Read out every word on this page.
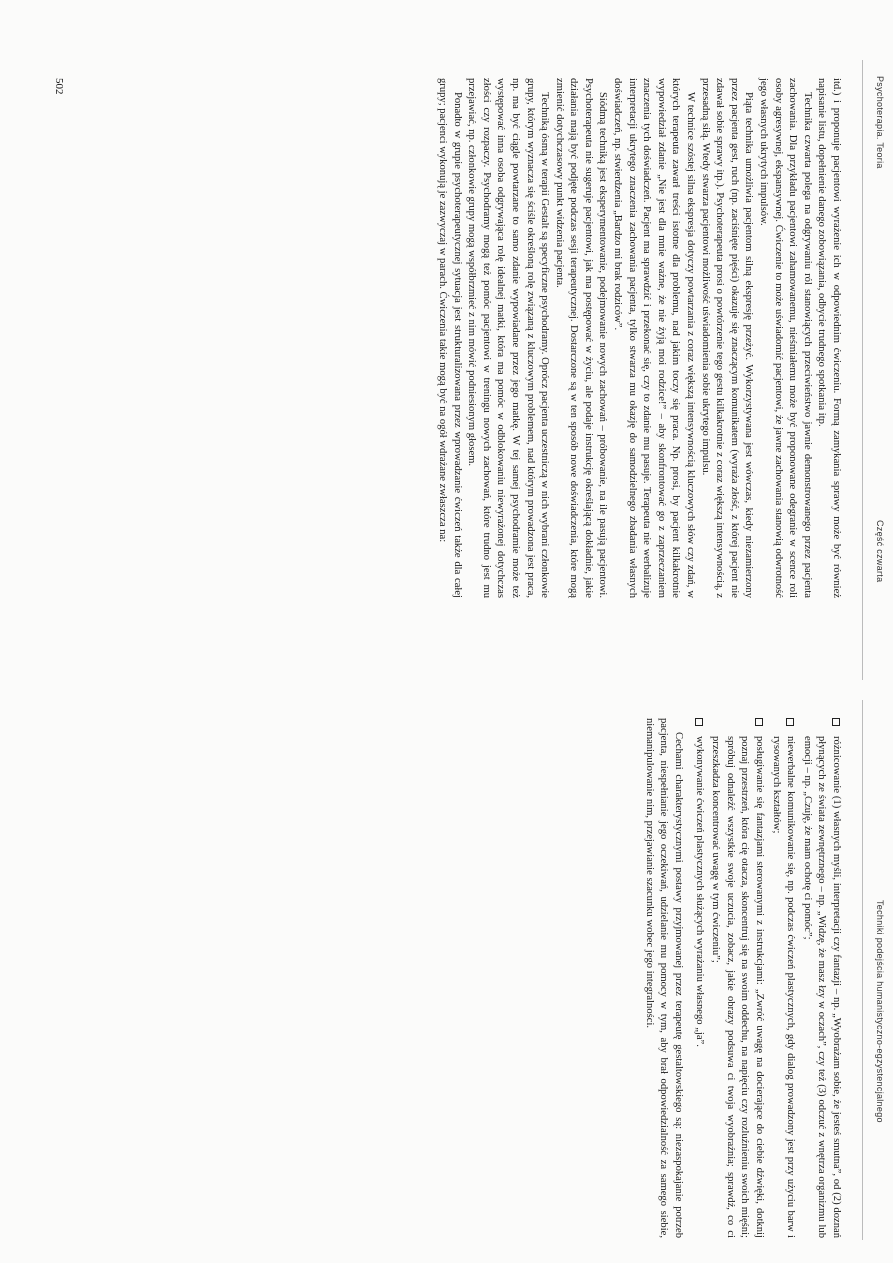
Psychoterapia. Teoria
Część czwarta
Techniki podejścia humanistyczno-egzystencjalnego

itd.) i proponuje pacjentowi wyrażenie ich w odpowiednim ćwiczeniu. Formą zamykania sprawy może być również napisanie listu, dopełnienie danego zobowiązania, odbycie trudnego spotkania itp.

Technika czwarta polega na odgrywaniu ról stanowiących przeciwieństwo jawnie demonstrowanego przez pacjenta zachowania. Dla przykładu pacjentowi zahamowanemu, nieśmiałemu może być proponowane odegranie w scence roli osoby agresywnej, ekspansywnej. Ćwiczenie to może uświadomić pacjentowi, że jawne zachowania stanowią odwrotność jego własnych ukrytych impulsów.

Piąta technika umożliwia pacjentom silną ekspresję przeżyć. Wykorzystywana jest wówczas, kiedy niezamierzony przez pacjenta gest, ruch (np. zaciśnięte pięści) okazuje się znaczącym komunikatem (wyraża złość, z której pacjent nie zdawał sobie sprawy itp.). Psychoterapeuta prosi o powtórzenie tego gestu kilkakrotnie z coraz większą intensywnością, z przesadną siłą. Wtedy stwarza pacjentowi możliwość uświadomienia sobie ukrytego impulsu.

W technice szóstej silna ekspresja dotyczy powtarzania z coraz większą intensywnością kluczowych słów czy zdań, w których terapeuta zawarł treści istotne dla problemu, nad jakim toczy się praca. Np. prosi, by pacjent kilkakrotnie wypowiedział zdanie „Nie jest dla mnie ważne, że nie żyją moi rodzice!” – aby skonfrontować go z zaprzeczaniem znaczenia tych doświadczeń. Pacjent ma sprawdzić i przekonać się, czy to zdanie mu pasuje. Terapeuta nie werbalizuje interpretacji ukrytego znaczenia zachowania pacjenta, tylko stwarza mu okazję do samodzielnego zbadania własnych doświadczeń, np. stwierdzenia „Bardzo mi brak rodziców”.

Siódmą techniką jest eksperymentowanie, podejmowanie nowych zachowań – próbowanie, na ile pasują pacjentowi. Psychoterapeuta nie sugeruje pacjentowi, jak ma postępować w życiu, ale podaje instrukcję określającą dokładnie, jakie działania mają być podjęte podczas sesji terapeutycznej. Dostarczone są w ten sposób nowe doświadczenia, które mogą zmienić dotychczasowy punkt widzenia pacjenta.

Techniką ósmą w terapii Gestalt są specyficzne psychodramy. Oprócz pacjenta uczestniczą w nich wybrani członkowie grupy, którym wyznacza się ściśle określoną rolę związaną z kluczowym problemem, nad którym prowadzona jest praca, np. ma być ciągle powtarzane to samo zdanie wypowiadane przez jego matkę. W tej samej psychodramie może też występować inna osoba odgrywająca rolę idealnej matki, która ma pomóc w odblokowaniu niewyrażonej dotychczas złości czy rozpaczy. Psychodramy mogą też pomóc pacjentowi w treningu nowych zachowań, które trudno jest mu przejawiać, np. członkowie grupy mogą współbrzmieć z nim mówić podniesionym głosem.

Ponadto w grupie psychoterapeutycznej sytuacja jest strukturalizowana przez wprowadzanie ćwiczeń także dla całej grupy; pacjenci wykonują je zazwyczaj w parach. Ćwiczenia takie mogą być na ogół wdrażane zwłaszcza na:

502

różnicowanie (1) własnych myśli, interpretacji czy fantazji – np. „Wyobrażam sobie, że jesteś smutna”, od (2) doznań płynących ze świata zewnętrznego – np. „Widzę, że masz łzy w oczach”, czy też (3) odczuć z wnętrza organizmu lub emocji – np. „Czuję, że mam ochotę ci pomóc”;

niewerbalne komunikowanie się, np. podczas ćwiczeń plastycznych, gdy dialog prowadzony jest przy użyciu barw i rysowanych kształtów;

posługiwanie się fantazjami sterowanymi z instrukcjami: „Zwróć uwagę na docierające do ciebie dźwięki, dotknij poznaj przestrzeń, która cię otacza, skoncentruj się na swoim oddechu, na napięciu czy rozluźnieniu swoich mięśni; spróbuj odnaleźć wszystkie swoje uczucia, zobacz, jakie obrazy podsuwa ci twoja wyobraźnia; sprawdź, co ci przeszkadza koncentrować uwagę w tym ćwiczeniu”;

wykonywanie ćwiczeń plastycznych służących wyrażaniu własnego „ja”.

Cechami charakterystycznymi postawy przyjmowanej przez terapeutę gestaltowskiego są: niezaspokajanie potrzeb pacjenta, niespełnianie jego oczekiwań, udzielanie mu pomocy w tym, aby brał odpowiedzialność za samego siebie, niemanipulowanie nim, przejawianie szacunku wobec jego integralności.
